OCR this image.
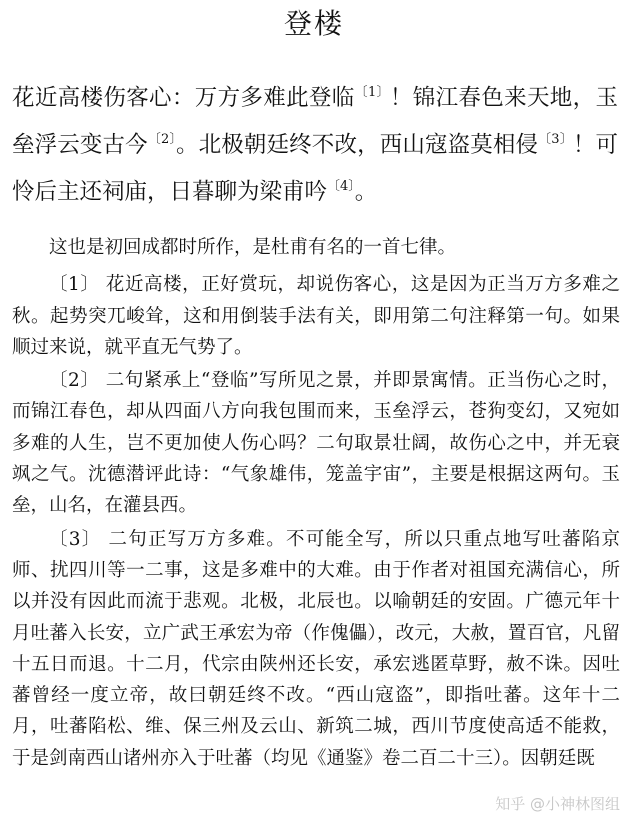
登楼
花近高楼伤客心：万方多难此登临$^{〔1〕}$！锦江春色来天地，玉垒浮云变古今$^{〔2〕}$。北极朝廷终不改，西山寇盗莫相侵$^{〔3〕}$！可怜后主还祠庙，日暮聊为梁甫吟$^{〔4〕}$。

这也是初回成都时所作，是杜甫有名的一首七律。

〔1〕 花近高楼，正好赏玩，却说伤客心，这是因为正当万方多难之秋。起势突兀峻耸，这和用倒装手法有关，即用第二句注释第一句。如果顺过来说，就平直无气势了。

〔2〕 二句紧承上“登临”写所见之景，并即景寓情。正当伤心之时，而锦江春色，却从四面八方向我包围而来，玉垒浮云，苍狗变幻，又宛如多难的人生，岂不更加使人伤心吗？二句取景壮阔，故伤心之中，并无衰飒之气。沈德潜评此诗：“气象雄伟，笼盖宇宙”，主要是根据这两句。玉垒，山名，在灌县西。

〔3〕 二句正写万方多难。不可能全写，所以只重点地写吐蕃陷京师、扰四川等一二事，这是多难中的大难。由于作者对祖国充满信心，所以并没有因此而流于悲观。北极，北辰也。以喻朝廷的安固。广德元年十月吐蕃入长安，立广武王承宏为帝（作傀儡），改元，大赦，置百官，凡留十五日而退。十二月，代宗由陕州还长安，承宏逃匿草野，赦不诛。因吐蕃曾经一度立帝，故曰朝廷终不改。“西山寇盗”，即指吐蕃。这年十二月，吐蕃陷松、维、保三州及云山、新筑二城，西川节度使高适不能救，于是剑南西山诸州亦入于吐蕃（均见《通鉴》卷二百二十三）。因朝廷既

知乎 @小神林图组
